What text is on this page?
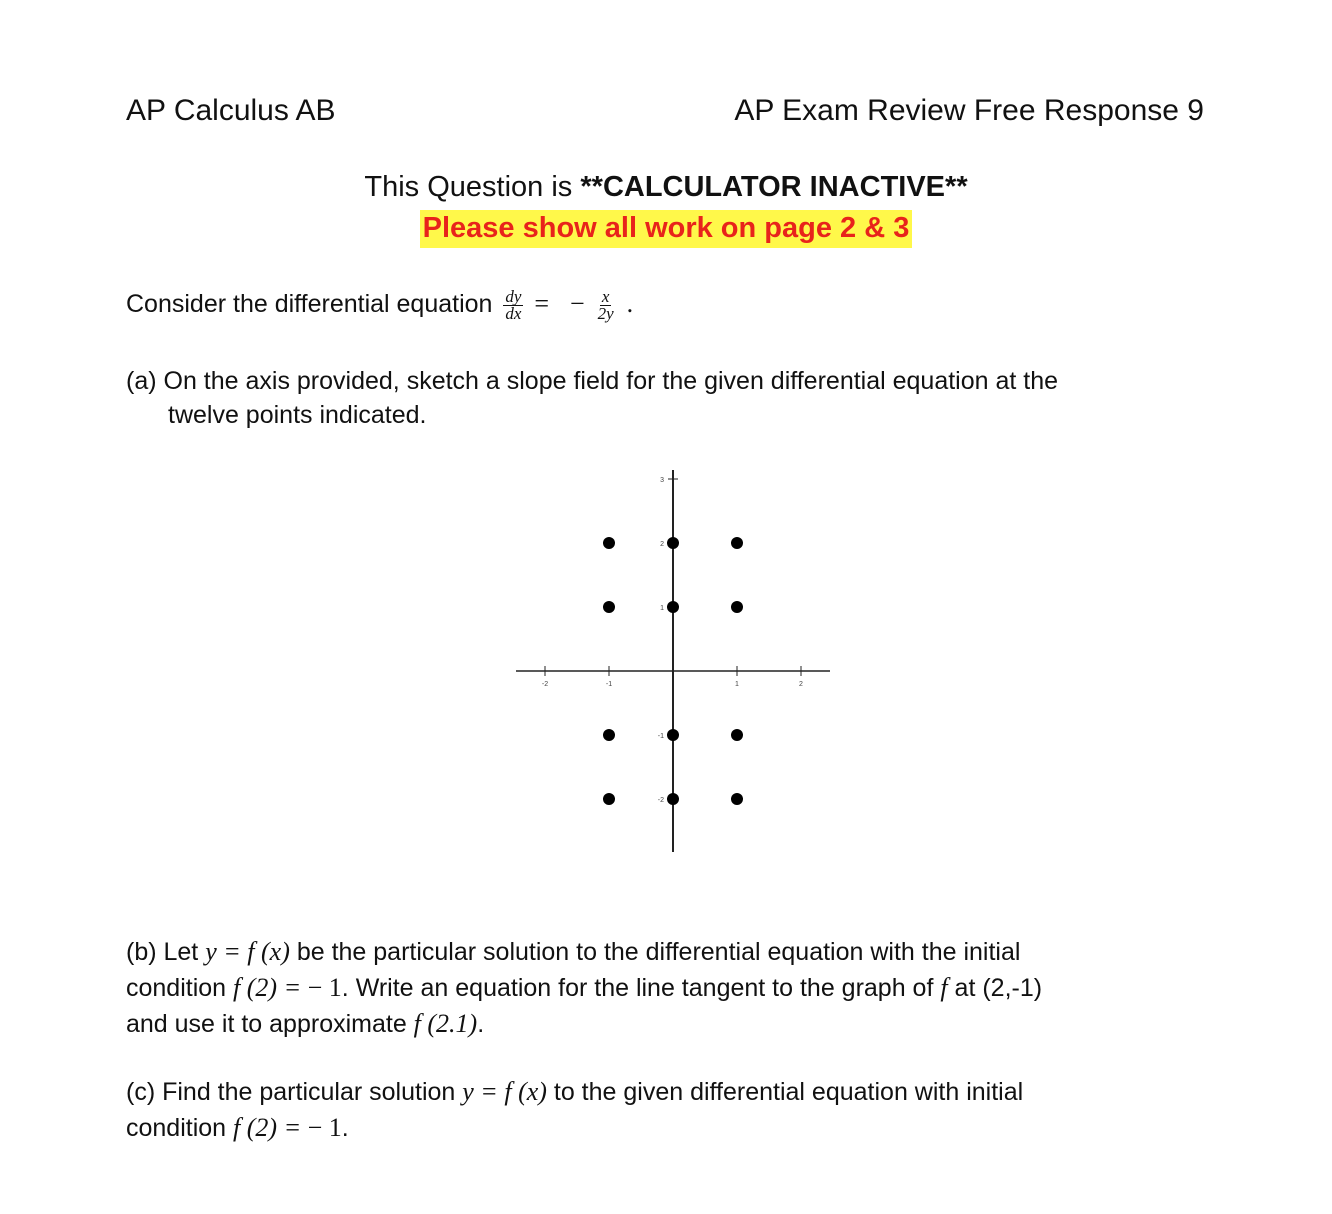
AP Calculus AB	AP Exam Review Free Response 9
This Question is **CALCULATOR INACTIVE**
Please show all work on page 2 & 3
Consider the differential equation $\frac{dy}{dx}$ = − $\frac{x}{2y}$ .
(a) On the axis provided, sketch a slope field for the given differential equation at the
twelve points indicated.
-2	-1	1	2
-2
-1
1
2
3
(b) Let y = f (x) be the particular solution to the differential equation with the initial
condition f (2) = − 1. Write an equation for the line tangent to the graph of f at (2,-1)
and use it to approximate f (2.1).
(c) Find the particular solution y = f (x) to the given differential equation with initial
condition f (2) = − 1.
